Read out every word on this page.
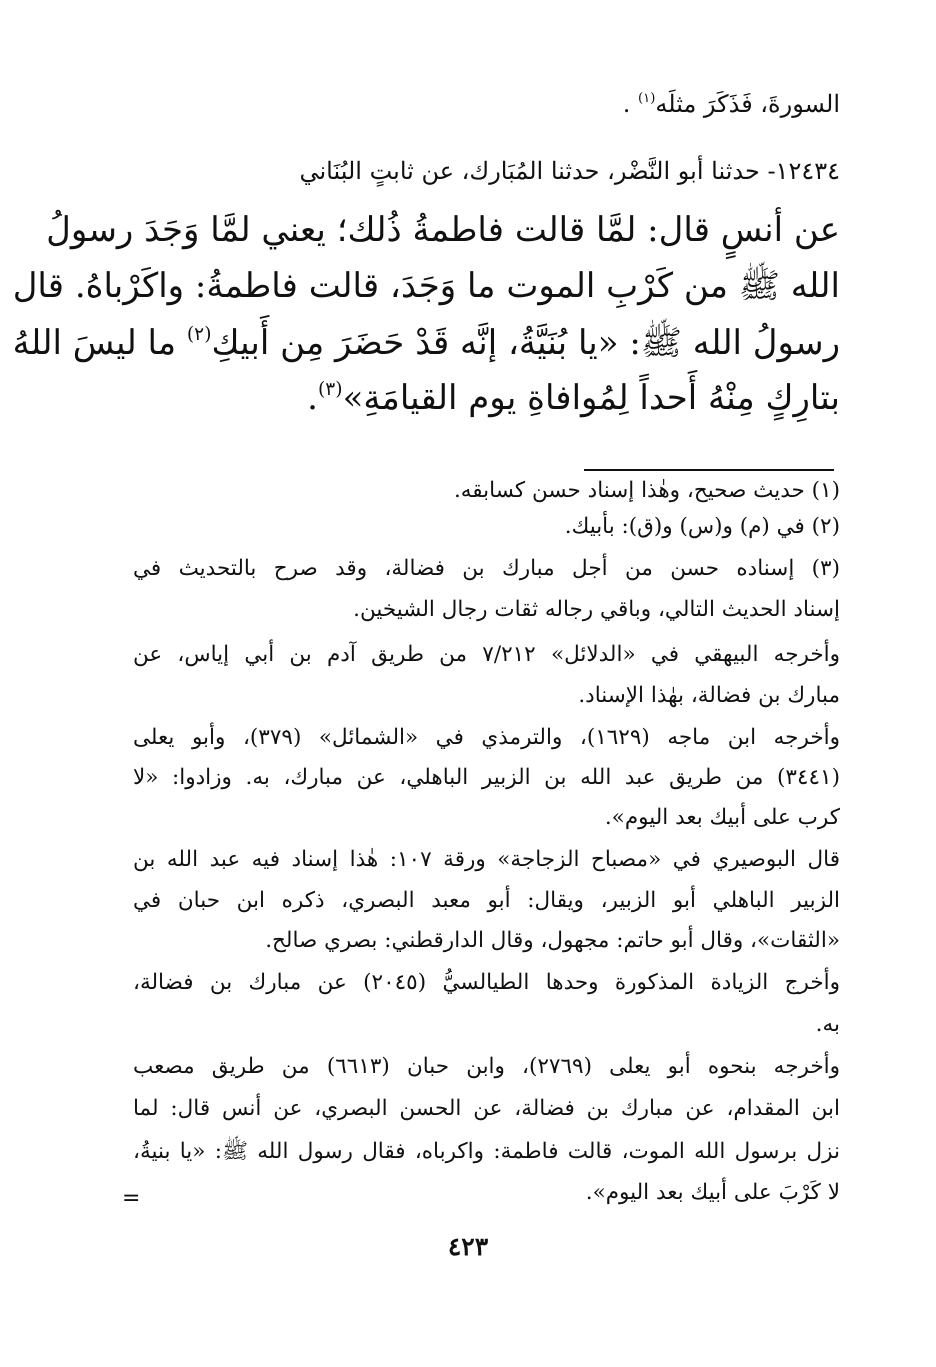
السورةَ، فَذَكَرَ مثلَه$^{(١)}$ .
١٢٤٣٤- حدثنا أبو النَّضْر، حدثنا المُبَارك، عن ثابتٍ البُنَاني
عن أنسٍ قال: لمَّا قالت فاطمةُ ذُلك؛ يعني لمَّا وَجَدَ رسولُ
الله ﷺ من كَرْبِ الموت ما وَجَدَ، قالت فاطمةُ: واكَرْباهُ. قال
رسولُ الله ﷺ: «يا بُنَيَّةُ، إنَّه قَدْ حَضَرَ مِن أَبيكِ$^{(٢)}$ ما ليسَ اللهُ
بتارِكٍ مِنْهُ أَحداً لِمُوافاةِ يوم القيامَةِ»$^{(٣)}$.
(١) حديث صحيح، وهٰذا إسناد حسن كسابقه.
(٢) في (م) و(س) و(ق): بأبيك.
(٣) إسناده حسن من أجل مبارك بن فضالة، وقد صرح بالتحديث في
إسناد الحديث التالي، وباقي رجاله ثقات رجال الشيخين.
وأخرجه البيهقي في «الدلائل» ٧/٢١٢ من طريق آدم بن أبي إياس، عن
مبارك بن فضالة، بهٰذا الإسناد.
وأخرجه ابن ماجه (١٦٢٩)، والترمذي في «الشمائل» (٣٧٩)، وأبو يعلى
(٣٤٤١) من طريق عبد الله بن الزبير الباهلي، عن مبارك، به. وزادوا: «لا
كرب على أبيك بعد اليوم».
قال البوصيري في «مصباح الزجاجة» ورقة ١٠٧: هٰذا إسناد فيه عبد الله بن
الزبير الباهلي أبو الزبير، ويقال: أبو معبد البصري، ذكره ابن حبان في
«الثقات»، وقال أبو حاتم: مجهول، وقال الدارقطني: بصري صالح.
وأخرج الزيادة المذكورة وحدها الطيالسيُّ (٢٠٤٥) عن مبارك بن فضالة،
به.
وأخرجه بنحوه أبو يعلى (٢٧٦٩)، وابن حبان (٦٦١٣) من طريق مصعب
ابن المقدام، عن مبارك بن فضالة، عن الحسن البصري، عن أنس قال: لما
نزل برسول الله الموت، قالت فاطمة: واكرباه، فقال رسول الله ﷺ: «يا بنيةُ،
لا كَرْبَ على أبيك بعد اليوم».
=
٤٢٣
